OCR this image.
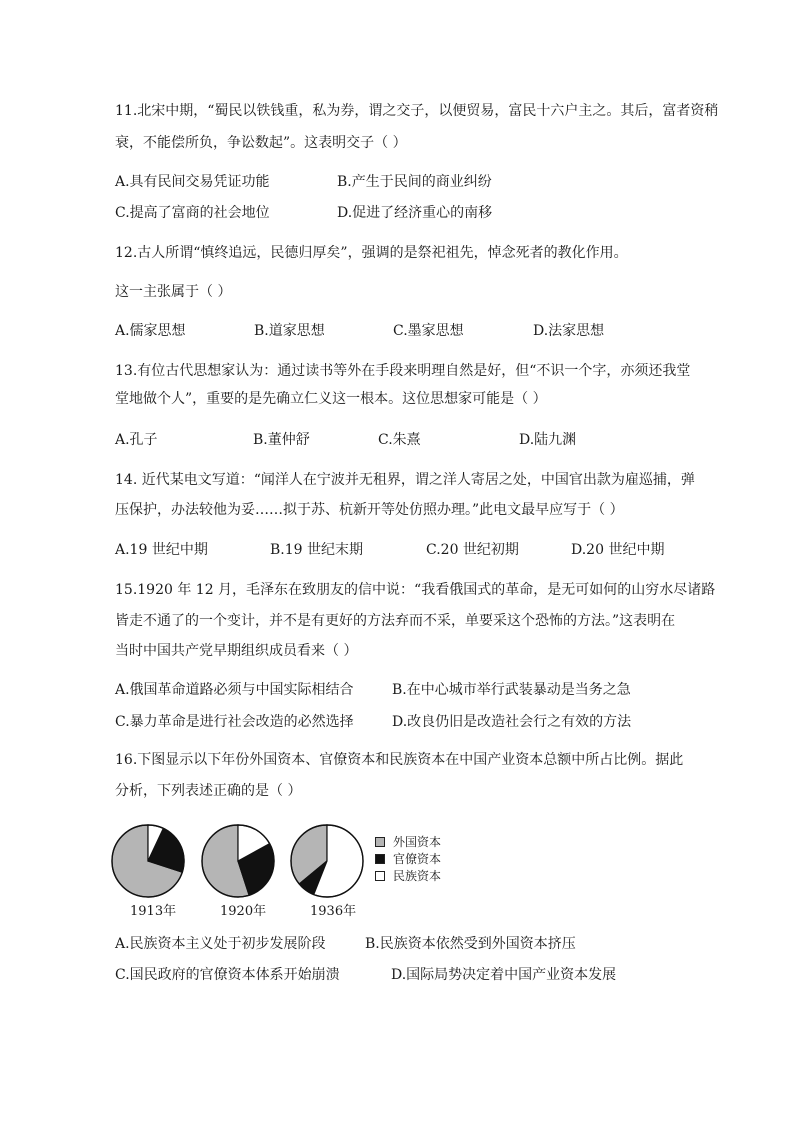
11.北宋中期，“蜀民以铁钱重，私为券，谓之交子，以便贸易，富民十六户主之。其后，富者资稍
衰，不能偿所负，争讼数起”。这表明交子（ ）
A.具有民间交易凭证功能	B.产生于民间的商业纠纷
C.提高了富商的社会地位	D.促进了经济重心的南移
12.古人所谓“慎终追远，民德归厚矣”，强调的是祭祀祖先，悼念死者的教化作用。
这一主张属于（ ）
A.儒家思想	B.道家思想	C.墨家思想	D.法家思想
13.有位古代思想家认为：通过读书等外在手段来明理自然是好，但“不识一个字，亦须还我堂
堂地做个人”，重要的是先确立仁义这一根本。这位思想家可能是（ ）
A.孔子	B.董仲舒	C.朱熹	D.陆九渊
14. 近代某电文写道：“闻洋人在宁波并无租界，谓之洋人寄居之处，中国官出款为雇巡捕，弹
压保护，办法较他为妥……拟于苏、杭新开等处仿照办理。”此电文最早应写于（ ）
A.19 世纪中期	B.19 世纪末期	C.20 世纪初期	D.20 世纪中期
15.1920 年 12 月，毛泽东在致朋友的信中说：“我看俄国式的革命，是无可如何的山穷水尽诸路
皆走不通了的一个变计，并不是有更好的方法弃而不采，单要采这个恐怖的方法。”这表明在
当时中国共产党早期组织成员看来（ ）
A.俄国革命道路必须与中国实际相结合	B.在中心城市举行武装暴动是当务之急
C.暴力革命是进行社会改造的必然选择	D.改良仍旧是改造社会行之有效的方法
16.下图显示以下年份外国资本、官僚资本和民族资本在中国产业资本总额中所占比例。据此
分析，下列表述正确的是（ ）
A.民族资本主义处于初步发展阶段	B.民族资本依然受到外国资本挤压
C.国民政府的官僚资本体系开始崩溃	D.国际局势决定着中国产业资本发展
1913年	1920年	1936年
外国资本
官僚资本
民族资本
